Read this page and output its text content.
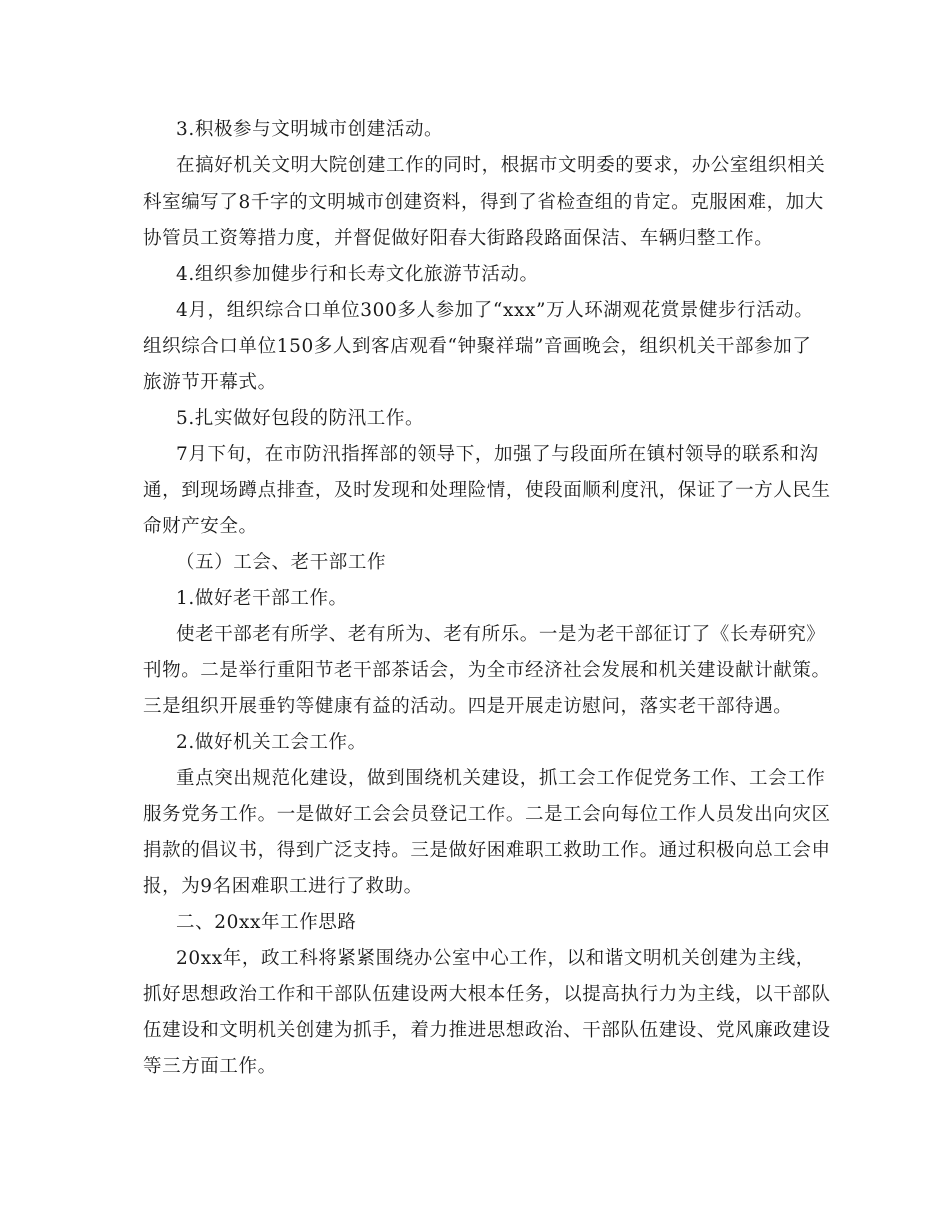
3.积极参与文明城市创建活动。
在搞好机关文明大院创建工作的同时，根据市文明委的要求，办公室组织相关
科室编写了8千字的文明城市创建资料，得到了省检查组的肯定。克服困难，加大
协管员工资筹措力度，并督促做好阳春大街路段路面保洁、车辆归整工作。
4.组织参加健步行和长寿文化旅游节活动。
4月，组织综合口单位300多人参加了“xxx”万人环湖观花赏景健步行活动。
组织综合口单位150多人到客店观看“钟聚祥瑞”音画晚会，组织机关干部参加了
旅游节开幕式。
5.扎实做好包段的防汛工作。
7月下旬，在市防汛指挥部的领导下，加强了与段面所在镇村领导的联系和沟
通，到现场蹲点排查，及时发现和处理险情，使段面顺利度汛，保证了一方人民生
命财产安全。
（五）工会、老干部工作
1.做好老干部工作。
使老干部老有所学、老有所为、老有所乐。一是为老干部征订了《长寿研究》
刊物。二是举行重阳节老干部茶话会，为全市经济社会发展和机关建设献计献策。
三是组织开展垂钓等健康有益的活动。四是开展走访慰问，落实老干部待遇。
2.做好机关工会工作。
重点突出规范化建设，做到围绕机关建设，抓工会工作促党务工作、工会工作
服务党务工作。一是做好工会会员登记工作。二是工会向每位工作人员发出向灾区
捐款的倡议书，得到广泛支持。三是做好困难职工救助工作。通过积极向总工会申
报，为9名困难职工进行了救助。
二、20xx年工作思路
20xx年，政工科将紧紧围绕办公室中心工作，以和谐文明机关创建为主线，
抓好思想政治工作和干部队伍建设两大根本任务，以提高执行力为主线，以干部队
伍建设和文明机关创建为抓手，着力推进思想政治、干部队伍建设、党风廉政建设
等三方面工作。
